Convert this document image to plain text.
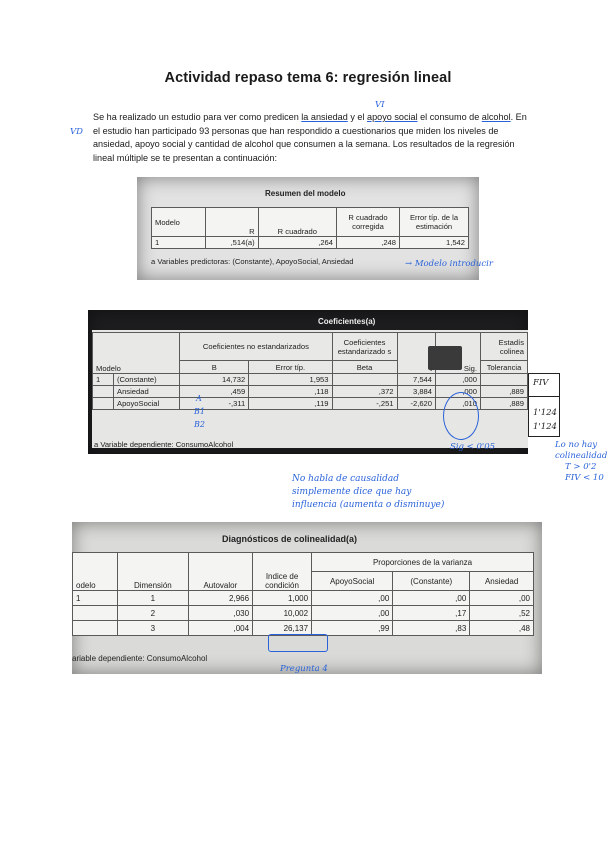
Actividad repaso tema 6: regresión lineal

Se ha realizado un estudio para ver como predicen la ansiedad y el apoyo social el consumo de alcohol. En el estudio han participado 93 personas que han respondido a cuestionarios que miden los niveles de ansiedad, apoyo social y cantidad de alcohol que consumen a la semana. Los resultados de la regresión lineal múltiple se te presentan a continuación:

VI
VD
Resumen del modelo
Modelo	R	R cuadrado	R cuadrado corregida	Error típ. de la estimación
1	,514(a)	,264	,248	1,542
a Variables predictoras: (Constante), ApoyoSocial, Ansiedad	→ Modelo introducir
Coeficientes(a)
Modelo		Coeficientes no estandarizados		Coeficientes estandarizado s		Sig.	Estadís colinea
		B	Error típ.	Beta			Tolerancia
1	(Constante)	14,732	1,953		7,544	,000	
	Ansiedad	,459	,118	,372	3,884	,000	,889
	ApoyoSocial	-,311	,119	-,251	-2,620	,010	,889
a Variable dependiente: ConsumoAlcohol
A
B1
B2
FIV
1'124
1'124
Sig < 0'05	Lo no hay
colinealidad
T > 0'2
FIV < 10
No habla de causalidad
simplemente dice que hay
influencia (aumenta o disminuye)
Diagnósticos de colinealidad(a)
odelo	Dimensión	Autovalor	Indice de condición	Proporciones de la varianza		
				ApoyoSocial	(Constante)	Ansiedad
1	1	2,966	1,000	,00	,00	,00
	2	,030	10,002	,00	,17	,52
	3	,004	26,137	,99	,83	,48
ariable dependiente: ConsumoAlcohol
Pregunta 4
